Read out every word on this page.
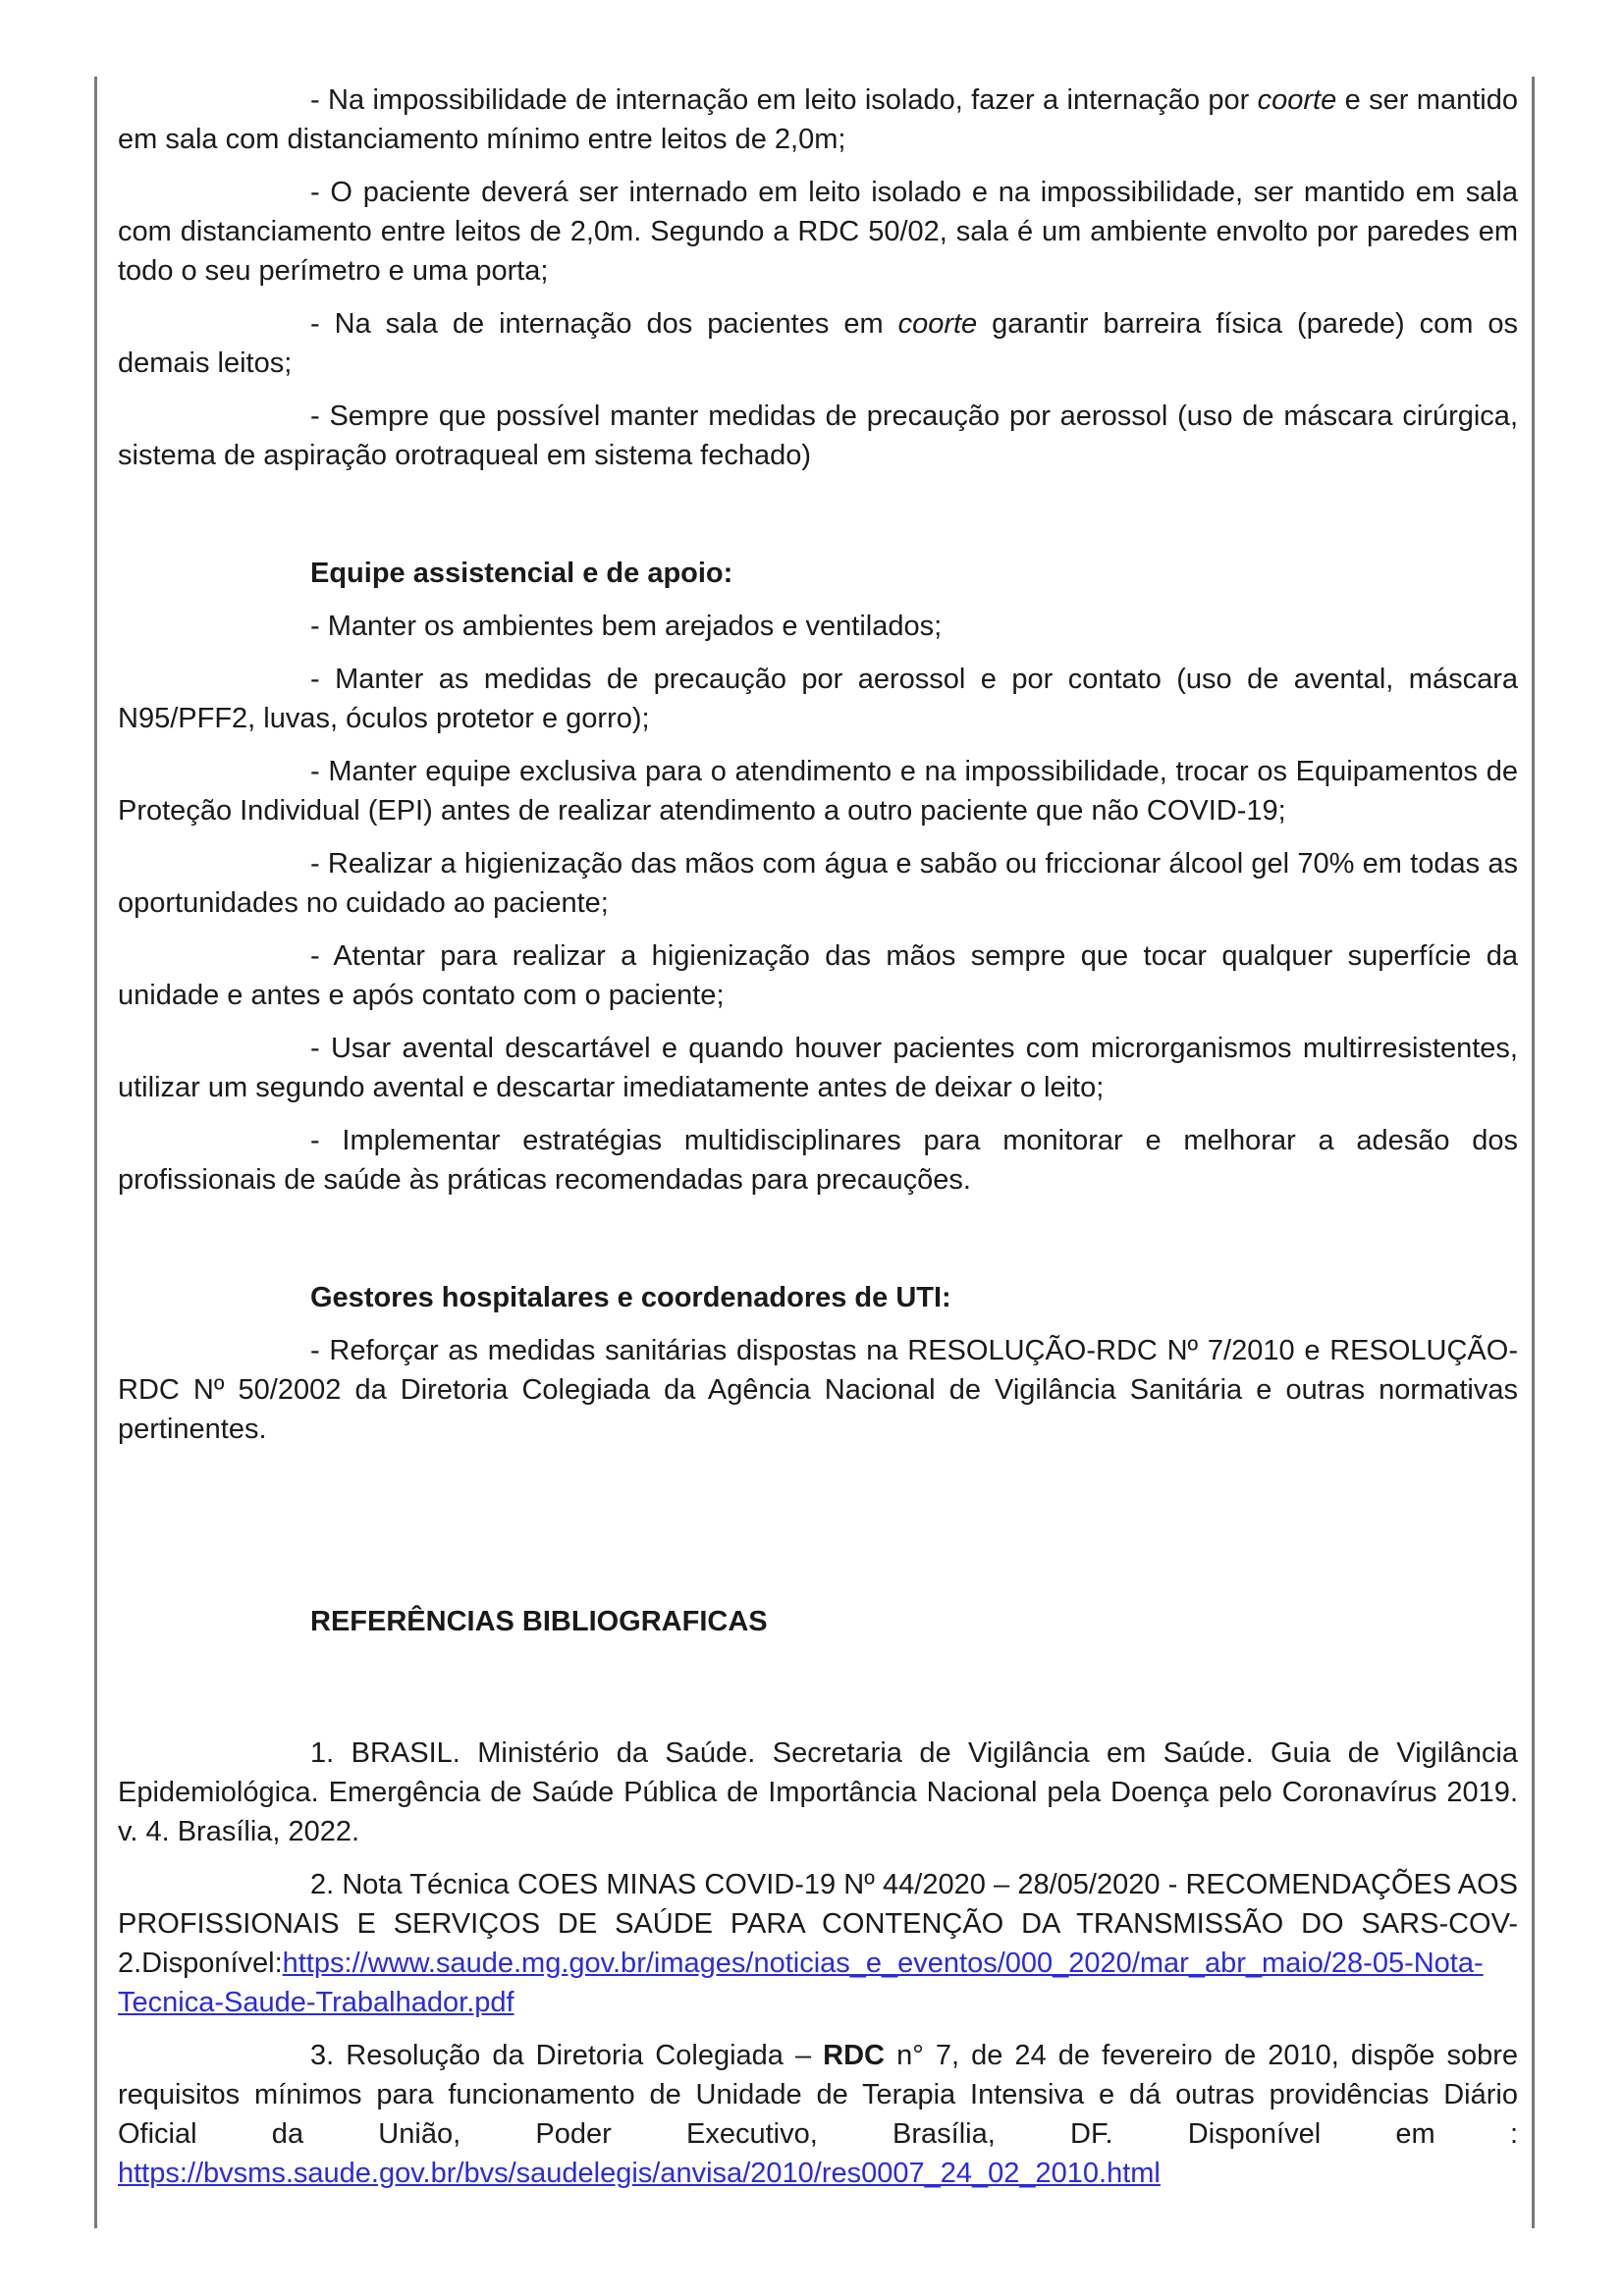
- Na impossibilidade de internação em leito isolado, fazer a internação por coorte e ser mantido em sala com distanciamento mínimo entre leitos de 2,0m;

- O paciente deverá ser internado em leito isolado e na impossibilidade, ser mantido em sala com distanciamento entre leitos de 2,0m. Segundo a RDC 50/02, sala é um ambiente envolto por paredes em todo o seu perímetro e uma porta;

- Na sala de internação dos pacientes em coorte garantir barreira física (parede) com os demais leitos;

- Sempre que possível manter medidas de precaução por aerossol (uso de máscara cirúrgica, sistema de aspiração orotraqueal em sistema fechado)

Equipe assistencial e de apoio:

- Manter os ambientes bem arejados e ventilados;

- Manter as medidas de precaução por aerossol e por contato (uso de avental, máscara N95/PFF2, luvas, óculos protetor e gorro);

- Manter equipe exclusiva para o atendimento e na impossibilidade, trocar os Equipamentos de Proteção Individual (EPI) antes de realizar atendimento a outro paciente que não COVID-19;

- Realizar a higienização das mãos com água e sabão ou friccionar álcool gel 70% em todas as oportunidades no cuidado ao paciente;

- Atentar para realizar a higienização das mãos sempre que tocar qualquer superfície da unidade e antes e após contato com o paciente;

- Usar avental descartável e quando houver pacientes com microrganismos multirresistentes, utilizar um segundo avental e descartar imediatamente antes de deixar o leito;

- Implementar estratégias multidisciplinares para monitorar e melhorar a adesão dos profissionais de saúde às práticas recomendadas para precauções.

Gestores hospitalares e coordenadores de UTI:

- Reforçar as medidas sanitárias dispostas na RESOLUÇÃO-RDC Nº 7/2010 e RESOLUÇÃO-RDC Nº 50/2002 da Diretoria Colegiada da Agência Nacional de Vigilância Sanitária e outras normativas pertinentes.

REFERÊNCIAS BIBLIOGRAFICAS

1. BRASIL. Ministério da Saúde. Secretaria de Vigilância em Saúde. Guia de Vigilância Epidemiológica. Emergência de Saúde Pública de Importância Nacional pela Doença pelo Coronavírus 2019. v. 4. Brasília, 2022.

2. Nota Técnica COES MINAS COVID-19 Nº 44/2020 – 28/05/2020 - RECOMENDAÇÕES AOS PROFISSIONAIS E SERVIÇOS DE SAÚDE PARA CONTENÇÃO DA TRANSMISSÃO DO SARS-COV-2.Disponível:https://www.saude.mg.gov.br/images/noticias_e_eventos/000_2020/mar_abr_maio/28-05-Nota-Tecnica-Saude-Trabalhador.pdf

3. Resolução da Diretoria Colegiada – RDC n° 7, de 24 de fevereiro de 2010, dispõe sobre requisitos mínimos para funcionamento de Unidade de Terapia Intensiva e dá outras providências Diário Oficial da União, Poder Executivo, Brasília, DF. Disponível em : https://bvsms.saude.gov.br/bvs/saudelegis/anvisa/2010/res0007_24_02_2010.html
